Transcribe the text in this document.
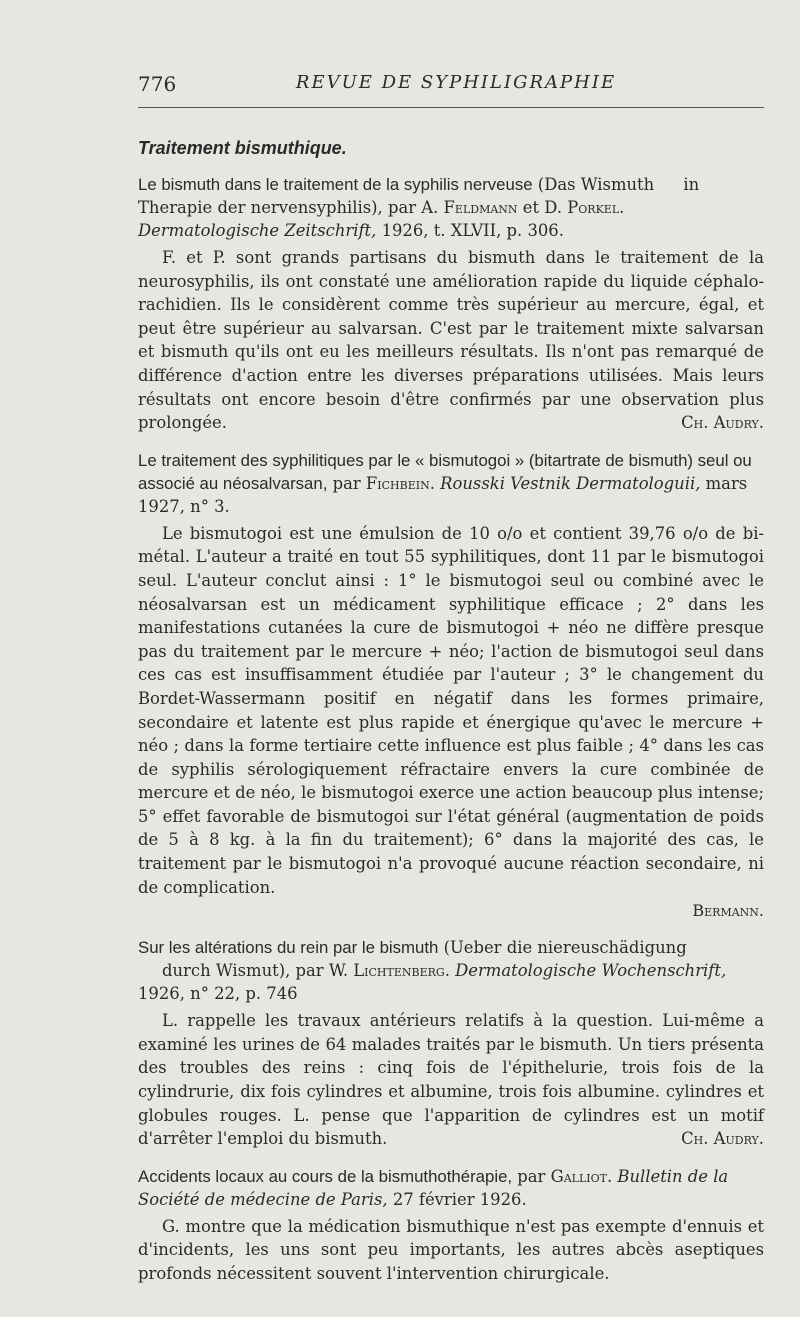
776	REVUE DE SYPHILIGRAPHIE
Traitement bismuthique.

Le bismuth dans le traitement de la syphilis nerveuse (Das Wismuth in Therapie der nervensyphilis), par A. Feldmann et D. Porkel. Dermatologische Zeitschrift, 1926, t. XLVII, p. 306.

F. et P. sont grands partisans du bismuth dans le traitement de la neurosyphilis, ils ont constaté une amélioration rapide du liquide céphalo-rachidien. Ils le considèrent comme très supérieur au mercure, égal, et peut être supérieur au salvarsan. C'est par le traitement mixte salvarsan et bismuth qu'ils ont eu les meilleurs résultats. Ils n'ont pas remarqué de différence d'action entre les diverses préparations utilisées. Mais leurs résultats ont encore besoin d'être confirmés par une observation plus prolongée.	Ch. Audry.

Le traitement des syphilitiques par le « bismutogoi » (bitartrate de bismuth) seul ou associé au néosalvarsan, par Fichbein. Rousski Vestnik Dermatologuii, mars 1927, n° 3.

Le bismutogoi est une émulsion de 10 o/o et contient 39,76 o/o de bi-métal. L'auteur a traité en tout 55 syphilitiques, dont 11 par le bismutogoi seul. L'auteur conclut ainsi : 1° le bismutogoi seul ou combiné avec le néosalvarsan est un médicament syphilitique efficace ; 2° dans les manifestations cutanées la cure de bismutogoi + néo ne diffère presque pas du traitement par le mercure + néo; l'action de bismutogoi seul dans ces cas est insuffisamment étudiée par l'auteur ; 3° le changement du Bordet-Wassermann positif en négatif dans les formes primaire, secondaire et latente est plus rapide et énergique qu'avec le mercure + néo ; dans la forme tertiaire cette influence est plus faible ; 4° dans les cas de syphilis sérologiquement réfractaire envers la cure combinée de mercure et de néo, le bismutogoi exerce une action beaucoup plus intense; 5° effet favorable de bismutogoi sur l'état général (augmentation de poids de 5 à 8 kg. à la fin du traitement); 6° dans la majorité des cas, le traitement par le bismutogoi n'a provoqué aucune réaction secondaire, ni de complication.

Bermann.

Sur les altérations du rein par le bismuth (Ueber die niereuschädigung durch Wismut), par W. Lichtenberg. Dermatologische Wochenschrift, 1926, n° 22, p. 746

L. rappelle les travaux antérieurs relatifs à la question. Lui-même a examiné les urines de 64 malades traités par le bismuth. Un tiers présenta des troubles des reins : cinq fois de l'épithelurie, trois fois de la cylindrurie, dix fois cylindres et albumine, trois fois albumine. cylindres et globules rouges. L. pense que l'apparition de cylindres est un motif d'arrêter l'emploi du bismuth.	Ch. Audry.

Accidents locaux au cours de la bismuthothérapie, par Galliot. Bulletin de la Société de médecine de Paris, 27 février 1926.

G. montre que la médication bismuthique n'est pas exempte d'ennuis et d'incidents, les uns sont peu importants, les autres abcès aseptiques profonds nécessitent souvent l'intervention chirurgicale.
